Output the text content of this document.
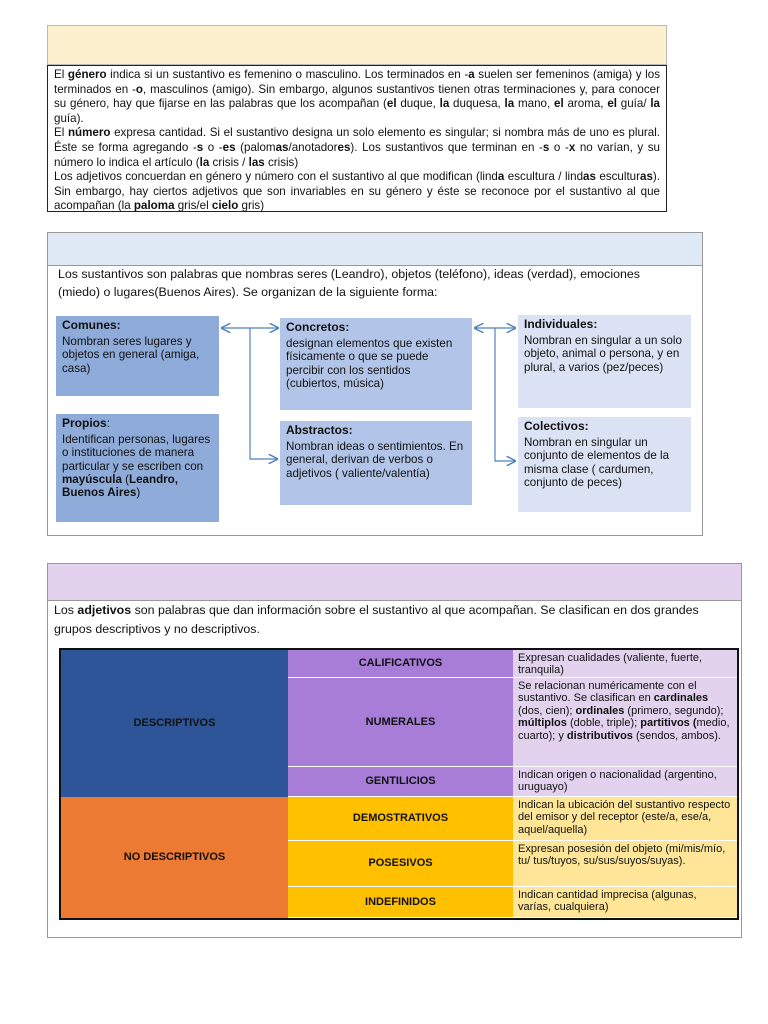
El género indica si un sustantivo es femenino o masculino. Los terminados en -a suelen ser femeninos (amiga) y los terminados en -o, masculinos (amigo). Sin embargo, algunos sustantivos tienen otras terminaciones y, para conocer su género, hay que fijarse en las palabras que los acompañan (el duque, la duquesa, la mano, el aroma, el guía/ la guía).

El número expresa cantidad. Si el sustantivo designa un solo elemento es singular; si nombra más de uno es plural. Éste se forma agregando -s o -es (palomas/anotadores). Los sustantivos que terminan en -s o -x no varían, y su número lo indica el artículo (la crisis / las crisis)

Los adjetivos concuerdan en género y número con el sustantivo al que modifican (linda escultura / lindas esculturas). Sin embargo, hay ciertos adjetivos que son invariables en su género y éste se reconoce por el sustantivo al que acompañan (la paloma gris/el cielo gris)

Los sustantivos son palabras que nombras seres (Leandro), objetos (teléfono), ideas (verdad), emociones (miedo) o lugares(Buenos Aires). Se organizan de la siguiente forma:
Comunes:
Nombran seres lugares y objetos en general (amiga, casa)
Propios:
Identifican personas, lugares o instituciones de manera particular y se escriben con mayúscula (Leandro, Buenos Aires)
Concretos:
designan elementos que existen físicamente o que se puede percibir con los sentidos (cubiertos, música)
Abstractos:
Nombran ideas o sentimientos. En general, derivan de verbos o adjetivos ( valiente/valentía)
Individuales:
Nombran en singular a un solo objeto, animal o persona, y en plural, a varios (pez/peces)
Colectivos:
Nombran en singular un conjunto de elementos de la misma clase ( cardumen, conjunto de peces)
Los adjetivos son palabras que dan información sobre el sustantivo al que acompañan. Se clasifican en dos grandes grupos descriptivos y no descriptivos.
DESCRIPTIVOS
CALIFICATIVOS	Expresan cualidades (valiente, fuerte, tranquila)
NUMERALES
Se relacionan numéricamente con el sustantivo. Se clasifican en cardinales (dos, cien); ordinales (primero, segundo); múltiplos (doble, triple); partitivos (medio, cuarto); y distributivos (sendos, ambos).
GENTILICIOS
Indican origen o nacionalidad (argentino, uruguayo)
NO DESCRIPTIVOS
DEMOSTRATIVOS
Indican la ubicación del sustantivo respecto del emisor y del receptor (este/a, ese/a, aquel/aquella)
POSESIVOS
Expresan posesión del objeto (mi/mis/mío, tu/ tus/tuyos, su/sus/suyos/suyas).
INDEFINIDOS
Indican cantidad imprecisa (algunas, varías, cualquiera)
